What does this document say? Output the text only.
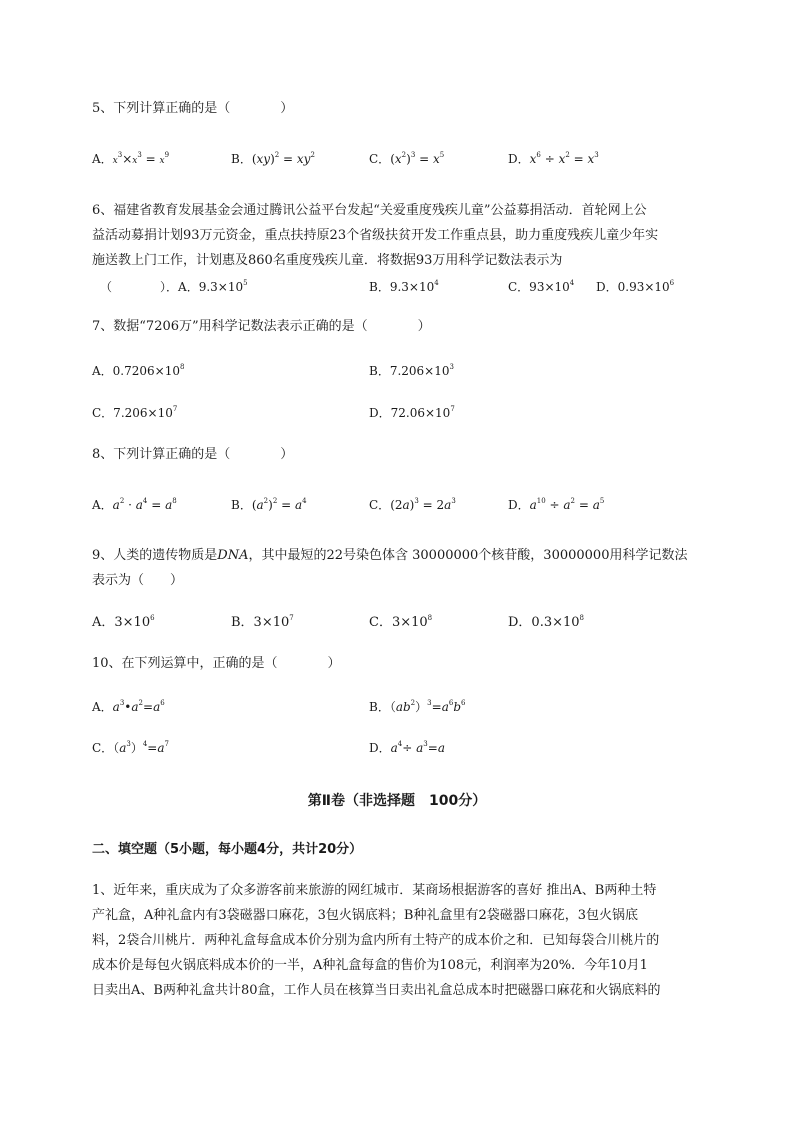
5、下列计算正确的是（	）
A．$x^3\times x^3 = x^9$	B．$(xy)^2 = xy^2$	C．$(x^2)^3 = x^5$	D．$x^6 \div x^2 = x^3$
6、福建省教育发展基金会通过腾讯公益平台发起“关爱重度残疾儿童”公益募捐活动．首轮网上公
益活动募捐计划93万元资金，重点扶持原23个省级扶贫开发工作重点县，助力重度残疾儿童少年实
施送教上门工作，计划惠及860名重度残疾儿童．将数据93万用科学记数法表示为
（	）．A．$9.3\times 10^5$	B．$9.3\times 10^4$	C．$93\times 10^4$ D．$0.93\times 10^6$
7、数据“7206万”用科学记数法表示正确的是（	）
A．$0.7206\times 10^8$	B．$7.206\times 10^3$
C．$7.206\times 10^7$	D．$72.06\times 10^7$
8、下列计算正确的是（	）
A．$a^2 \cdot a^4 = a^8$	B．$(a^2)^2 = a^4$	C．$(2a)^3 = 2a^3$	D．$a^{10} \div a^2 = a^5$
9、人类的遗传物质是DNA，其中最短的22号染色体含 30000000个核苷酸，30000000用科学记数法
表示为（　　）
A．$3\times 10^6$	B．$3\times 10^7$	C．$3\times 10^8$	D．$0.3\times 10^8$
10、在下列运算中，正确的是（	）
A．$a^3•a^2=a^6$	B．$(ab^2)^3=a^6b^6$
C．$(a^3)^4=a^7$	D．$a^4\div a^3=a$
第Ⅱ卷（非选择题　100分）
二、填空题（5小题，每小题4分，共计20分）
1、近年来，重庆成为了众多游客前来旅游的网红城市．某商场根据游客的喜好 推出A、B两种土特
产礼盒，A种礼盒内有3袋磁器口麻花，3包火锅底料；B种礼盒里有2袋磁器口麻花，3包火锅底
料，2袋合川桃片．两种礼盒每盒成本价分别为盒内所有土特产的成本价之和．已知每袋合川桃片的
成本价是每包火锅底料成本价的一半，A种礼盒每盒的售价为108元，利润率为20%．今年10月1
日卖出A、B两种礼盒共计80盒，工作人员在核算当日卖出礼盒总成本时把磁器口麻花和火锅底料的
